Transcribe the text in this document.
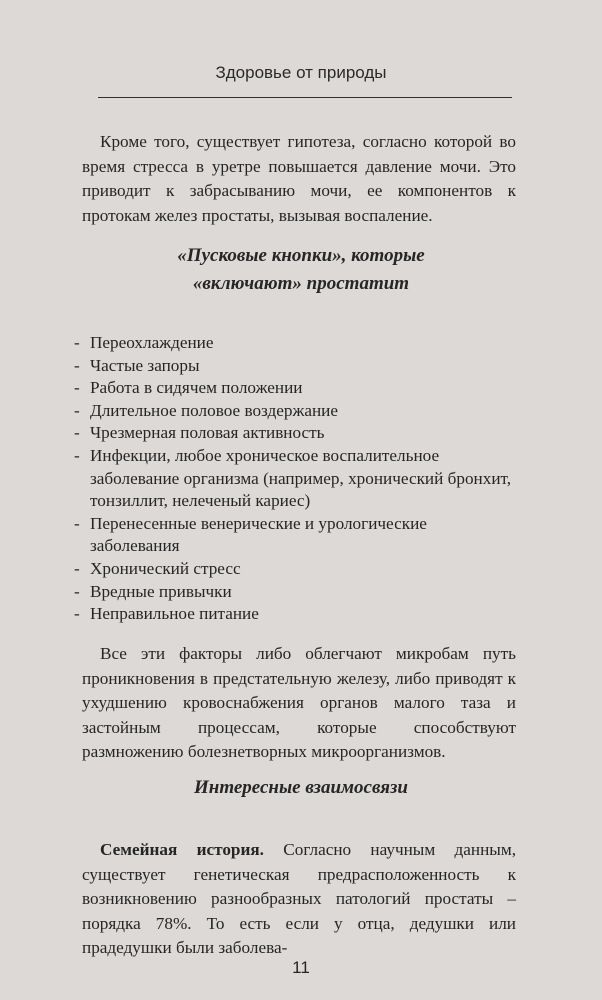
Здоровье от природы

Кроме того, существует гипотеза, согласно которой во время стресса в уретре повышается давление мочи. Это приводит к забрасыванию мочи, ее компонентов к протокам желез простаты, вызывая воспаление.

«Пусковые кнопки», которые
«включают» простатит
- Переохлаждение
- Частые запоры
- Работа в сидячем положении
- Длительное половое воздержание
- Чрезмерная половая активность
- Инфекции, любое хроническое воспалительное заболевание организма (например, хронический бронхит, тонзиллит, нелеченый кариес)
- Перенесенные венерические и урологические заболевания
- Хронический стресс
- Вредные привычки
- Неправильное питание

Все эти факторы либо облегчают микробам путь проникновения в предстательную железу, либо приводят к ухудшению кровоснабжения органов малого таза и застойным процессам, которые способствуют размножению болезнетворных микроорганизмов.

Интересные взаимосвязи

Семейная история. Согласно научным данным, существует генетическая предрасположенность к возникновению разнообразных патологий простаты – порядка 78%. То есть если у отца, дедушки или прадедушки были заболева-

11
